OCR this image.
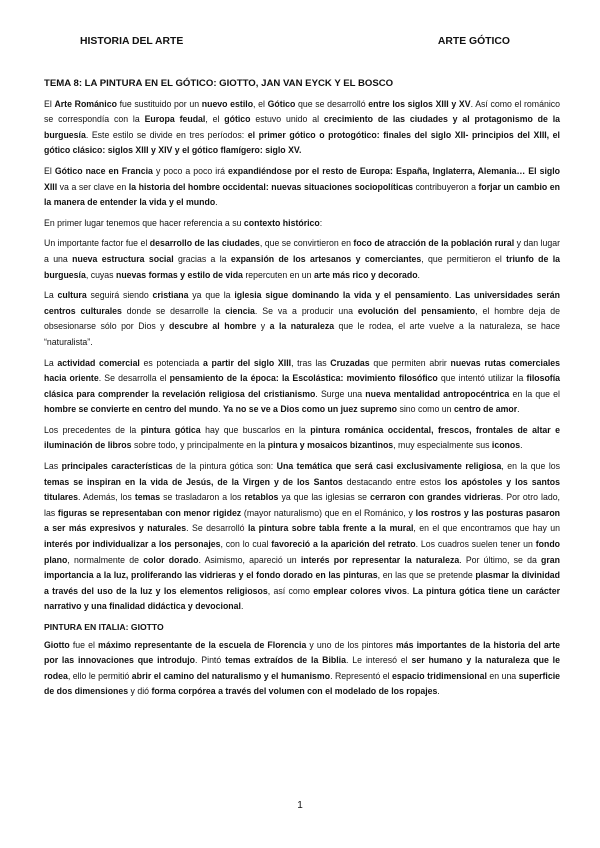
HISTORIA DEL ARTE	ARTE GÓTICO
TEMA 8: LA PINTURA EN EL GÓTICO: GIOTTO, JAN VAN EYCK Y EL BOSCO

El Arte Románico fue sustituido por un nuevo estilo, el Gótico que se desarrolló entre los siglos XIII y XV. Así como el románico se correspondía con la Europa feudal, el gótico estuvo unido al crecimiento de las ciudades y al protagonismo de la burguesía. Este estilo se divide en tres períodos: el primer gótico o protogótico: finales del siglo XII- principios del XIII, el gótico clásico: siglos XIII y XIV y el gótico flamígero: siglo XV.

El Gótico nace en Francia y poco a poco irá expandiéndose por el resto de Europa: España, Inglaterra, Alemania… El siglo XIII va a ser clave en la historia del hombre occidental: nuevas situaciones sociopolíticas contribuyeron a forjar un cambio en la manera de entender la vida y el mundo.

En primer lugar tenemos que hacer referencia a su contexto histórico:

Un importante factor fue el desarrollo de las ciudades, que se convirtieron en foco de atracción de la población rural y dan lugar a una nueva estructura social gracias a la expansión de los artesanos y comerciantes, que permitieron el triunfo de la burguesía, cuyas nuevas formas y estilo de vida repercuten en un arte más rico y decorado.

La cultura seguirá siendo cristiana ya que la iglesia sigue dominando la vida y el pensamiento. Las universidades serán centros culturales donde se desarrolle la ciencia. Se va a producir una evolución del pensamiento, el hombre deja de obsesionarse sólo por Dios y descubre al hombre y a la naturaleza que le rodea, el arte vuelve a la naturaleza, se hace “naturalista”.

La actividad comercial es potenciada a partir del siglo XIII, tras las Cruzadas que permiten abrir nuevas rutas comerciales hacia oriente. Se desarrolla el pensamiento de la época: la Escolástica: movimiento filosófico que intentó utilizar la filosofía clásica para comprender la revelación religiosa del cristianismo. Surge una nueva mentalidad antropocéntrica en la que el hombre se convierte en centro del mundo. Ya no se ve a Dios como un juez supremo sino como un centro de amor.

Los precedentes de la pintura gótica hay que buscarlos en la pintura románica occidental, frescos, frontales de altar e iluminación de libros sobre todo, y principalmente en la pintura y mosaicos bizantinos, muy especialmente sus iconos.

Las principales características de la pintura gótica son: Una temática que será casi exclusivamente religiosa, en la que los temas se inspiran en la vida de Jesús, de la Virgen y de los Santos destacando entre estos los apóstoles y los santos titulares. Además, los temas se trasladaron a los retablos ya que las iglesias se cerraron con grandes vidrieras. Por otro lado, las figuras se representaban con menor rigidez (mayor naturalismo) que en el Románico, y los rostros y las posturas pasaron a ser más expresivos y naturales. Se desarrolló la pintura sobre tabla frente a la mural, en el que encontramos que hay un interés por individualizar a los personajes, con lo cual favoreció a la aparición del retrato. Los cuadros suelen tener un fondo plano, normalmente de color dorado. Asimismo, apareció un interés por representar la naturaleza. Por último, se da gran importancia a la luz, proliferando las vidrieras y el fondo dorado en las pinturas, en las que se pretende plasmar la divinidad a través del uso de la luz y los elementos religiosos, así como emplear colores vivos. La pintura gótica tiene un carácter narrativo y una finalidad didáctica y devocional.

PINTURA EN ITALIA: GIOTTO

Giotto fue el máximo representante de la escuela de Florencia y uno de los pintores más importantes de la historia del arte por las innovaciones que introdujo. Pintó temas extraídos de la Biblia. Le interesó el ser humano y la naturaleza que le rodea, ello le permitió abrir el camino del naturalismo y el humanismo. Representó el espacio tridimensional en una superficie de dos dimensiones y dió forma corpórea a través del volumen con el modelado de los ropajes.

1
